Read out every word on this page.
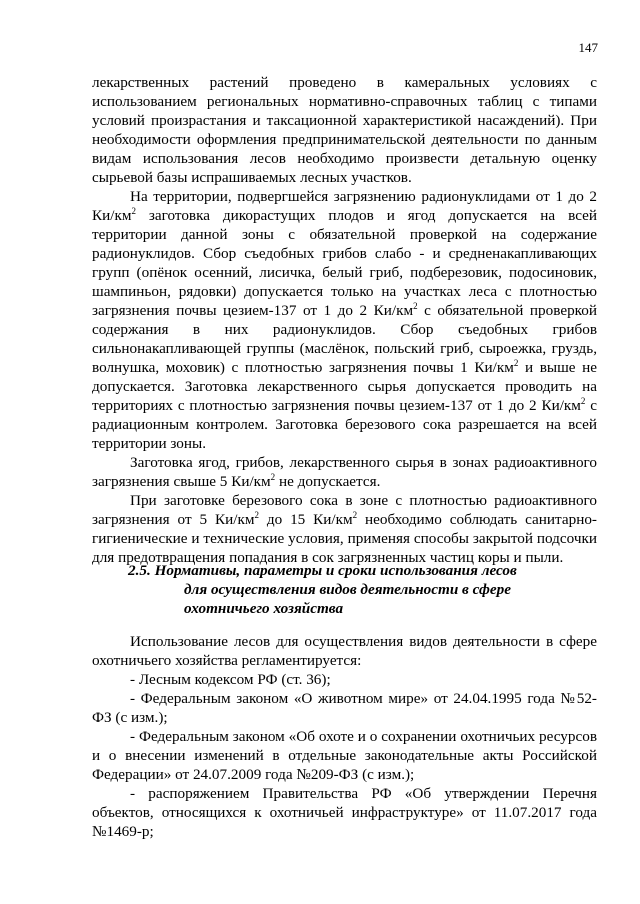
147

лекарственных растений проведено в камеральных условиях с использованием региональных нормативно-справочных таблиц с типами условий произрастания и таксационной характеристикой насаждений). При необходимости оформления предпринимательской деятельности по данным видам использования лесов необходимо произвести детальную оценку сырьевой базы испрашиваемых лесных участков.

На территории, подвергшейся загрязнению радионуклидами от 1 до 2 $Ки/км^2$ заготовка дикорастущих плодов и ягод допускается на всей территории данной зоны с обязательной проверкой на содержание радионуклидов. Сбор съедобных грибов слабо - и средненакапливающих групп (опёнок осенний, лисичка, белый гриб, подберезовик, подосиновик, шампиньон, рядовки) допускается только на участках леса с плотностью загрязнения почвы цезием-137 от 1 до 2 $Ки/км^2$ с обязательной проверкой содержания в них радионуклидов. Сбор съедобных грибов сильнонакапливающей группы (маслёнок, польский гриб, сыроежка, груздь, волнушка, моховик) с плотностью загрязнения почвы 1 $Ки/км^2$ и выше не допускается. Заготовка лекарственного сырья допускается проводить на территориях с плотностью загрязнения почвы цезием-137 от 1 до 2 $Ки/км^2$ с радиационным контролем. Заготовка березового сока разрешается на всей территории зоны.

Заготовка ягод, грибов, лекарственного сырья в зонах радиоактивного загрязнения свыше 5 $Ки/км^2$ не допускается.

При заготовке березового сока в зоне с плотностью радиоактивного загрязнения от 5 $Ки/км^2$ до 15 $Ки/км^2$ необходимо соблюдать санитарно-гигиенические и технические условия, применяя способы закрытой подсочки для предотвращения попадания в сок загрязненных частиц коры и пыли.

2.5. Нормативы, параметры и сроки использования лесов
для осуществления видов деятельности в сфере
охотничьего хозяйства

Использование лесов для осуществления видов деятельности в сфере охотничьего хозяйства регламентируется:

- Лесным кодексом РФ (ст. 36);

- Федеральным законом «О животном мире» от 24.04.1995 года №52-ФЗ (с изм.);

- Федеральным законом «Об охоте и о сохранении охотничьих ресурсов и о внесении изменений в отдельные законодательные акты Российской Федерации» от 24.07.2009 года №209-ФЗ (с изм.);

- распоряжением Правительства РФ «Об утверждении Перечня объектов, относящихся к охотничьей инфраструктуре» от 11.07.2017 года №1469-р;
